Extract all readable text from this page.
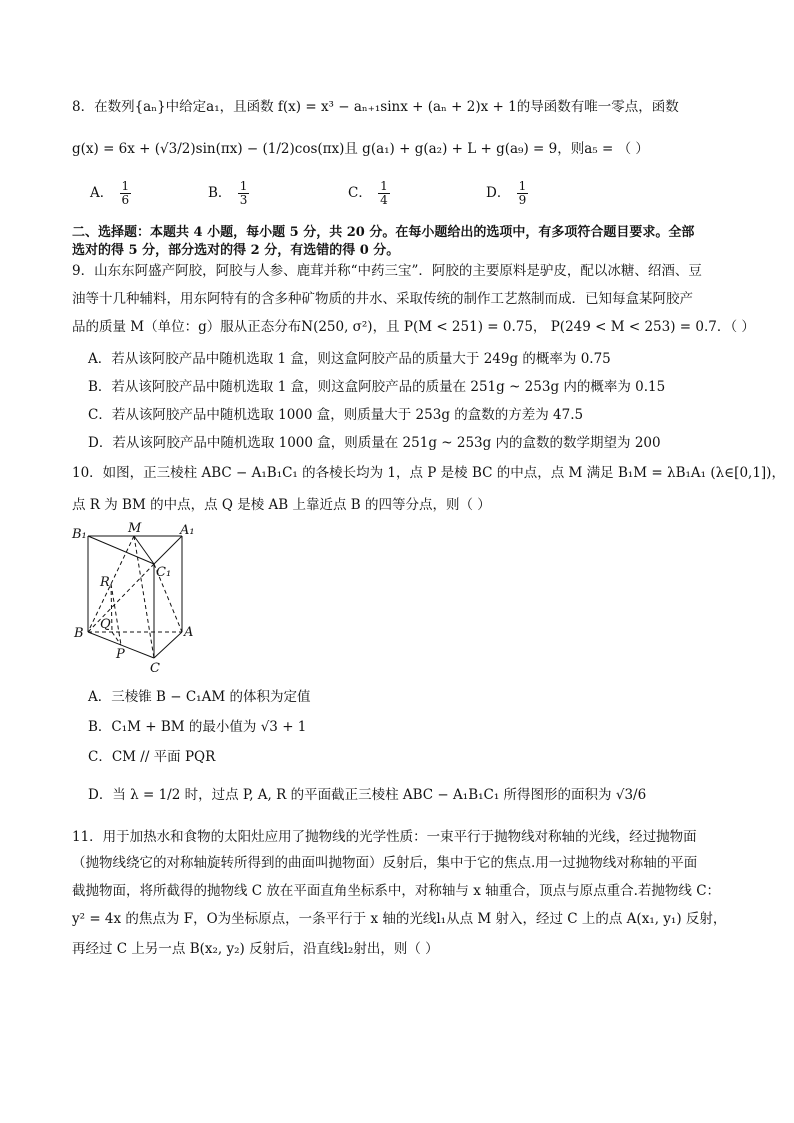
8．在数列{aₙ}中给定a₁，且函数 f(x) = x³ − aₙ₊₁sinx + (aₙ + 2)x + 1的导函数有唯一零点，函数
g(x) = 6x + (√3/2)sin(πx) − (1/2)cos(πx)且 g(a₁) + g(a₂) + L + g(a₉) = 9，则a₅ = （ ）
A． $\frac{1}{6}$	B． $\frac{1}{3}$	C． $\frac{1}{4}$	D． $\frac{1}{9}$
二、选择题：本题共 4 小题，每小题 5 分，共 20 分。在每小题给出的选项中，有多项符合题目要求。全部
选对的得 5 分，部分选对的得 2 分，有选错的得 0 分。
9．山东东阿盛产阿胶，阿胶与人参、鹿茸并称“中药三宝”．阿胶的主要原料是驴皮，配以冰糖、绍酒、豆
油等十几种辅料，用东阿特有的含多种矿物质的井水、采取传统的制作工艺熬制而成．已知每盒某阿胶产
品的质量 M（单位：g）服从正态分布N(250, σ²)，且 P(M < 251) = 0.75， P(249 < M < 253) = 0.7．（ ）
A．若从该阿胶产品中随机选取 1 盒，则这盒阿胶产品的质量大于 249g 的概率为 0.75
B．若从该阿胶产品中随机选取 1 盒，则这盒阿胶产品的质量在 251g ~ 253g 内的概率为 0.15
C．若从该阿胶产品中随机选取 1000 盒，则质量大于 253g 的盒数的方差为 47.5
D．若从该阿胶产品中随机选取 1000 盒，则质量在 251g ~ 253g 内的盒数的数学期望为 200
10．如图，正三棱柱 ABC − A₁B₁C₁ 的各棱长均为 1，点 P 是棱 BC 的中点，点 M 满足 B₁M = λB₁A₁ (λ∈[0,1])，
点 R 为 BM 的中点，点 Q 是棱 AB 上靠近点 B 的四等分点，则（ ）
B₁	M	A₁
C₁
R
Q
B	A
P
C
A．三棱锥 B − C₁AM 的体积为定值
B．C₁M + BM 的最小值为 √3 + 1
C．CM // 平面 PQR
D．当 λ = 1/2 时，过点 P, A, R 的平面截正三棱柱 ABC − A₁B₁C₁ 所得图形的面积为 √3/6
11．用于加热水和食物的太阳灶应用了抛物线的光学性质：一束平行于抛物线对称轴的光线，经过抛物面
（抛物线绕它的对称轴旋转所得到的曲面叫抛物面）反射后，集中于它的焦点.用一过抛物线对称轴的平面
截抛物面，将所截得的抛物线 C 放在平面直角坐标系中，对称轴与 x 轴重合，顶点与原点重合.若抛物线 C：
y² = 4x 的焦点为 F，O为坐标原点，一条平行于 x 轴的光线l₁从点 M 射入，经过 C 上的点 A(x₁, y₁) 反射，
再经过 C 上另一点 B(x₂, y₂) 反射后，沿直线l₂射出，则（ ）
